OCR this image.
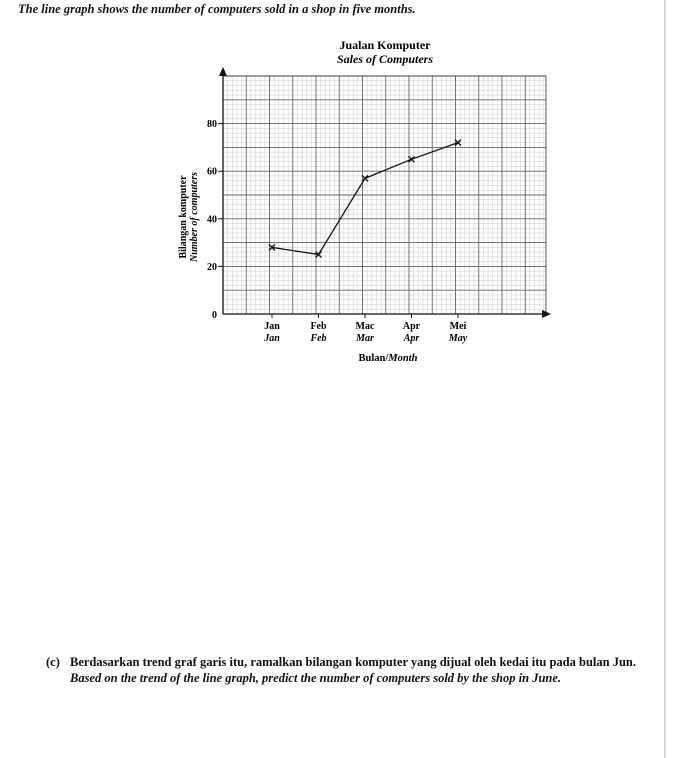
The line graph shows the number of computers sold in a shop in five months.

Jualan Komputer
Sales of Computers
0
20
40
60
80
Jan
Jan
Feb
Feb
Mac
Mar
Apr
Apr
Mei
May
Bilangan komputer Number of computers
Bulan/Month
(c) Berdasarkan trend graf garis itu, ramalkan bilangan komputer yang dijual oleh kedai itu pada bulan Jun.
Based on the trend of the line graph, predict the number of computers sold by the shop in June.
